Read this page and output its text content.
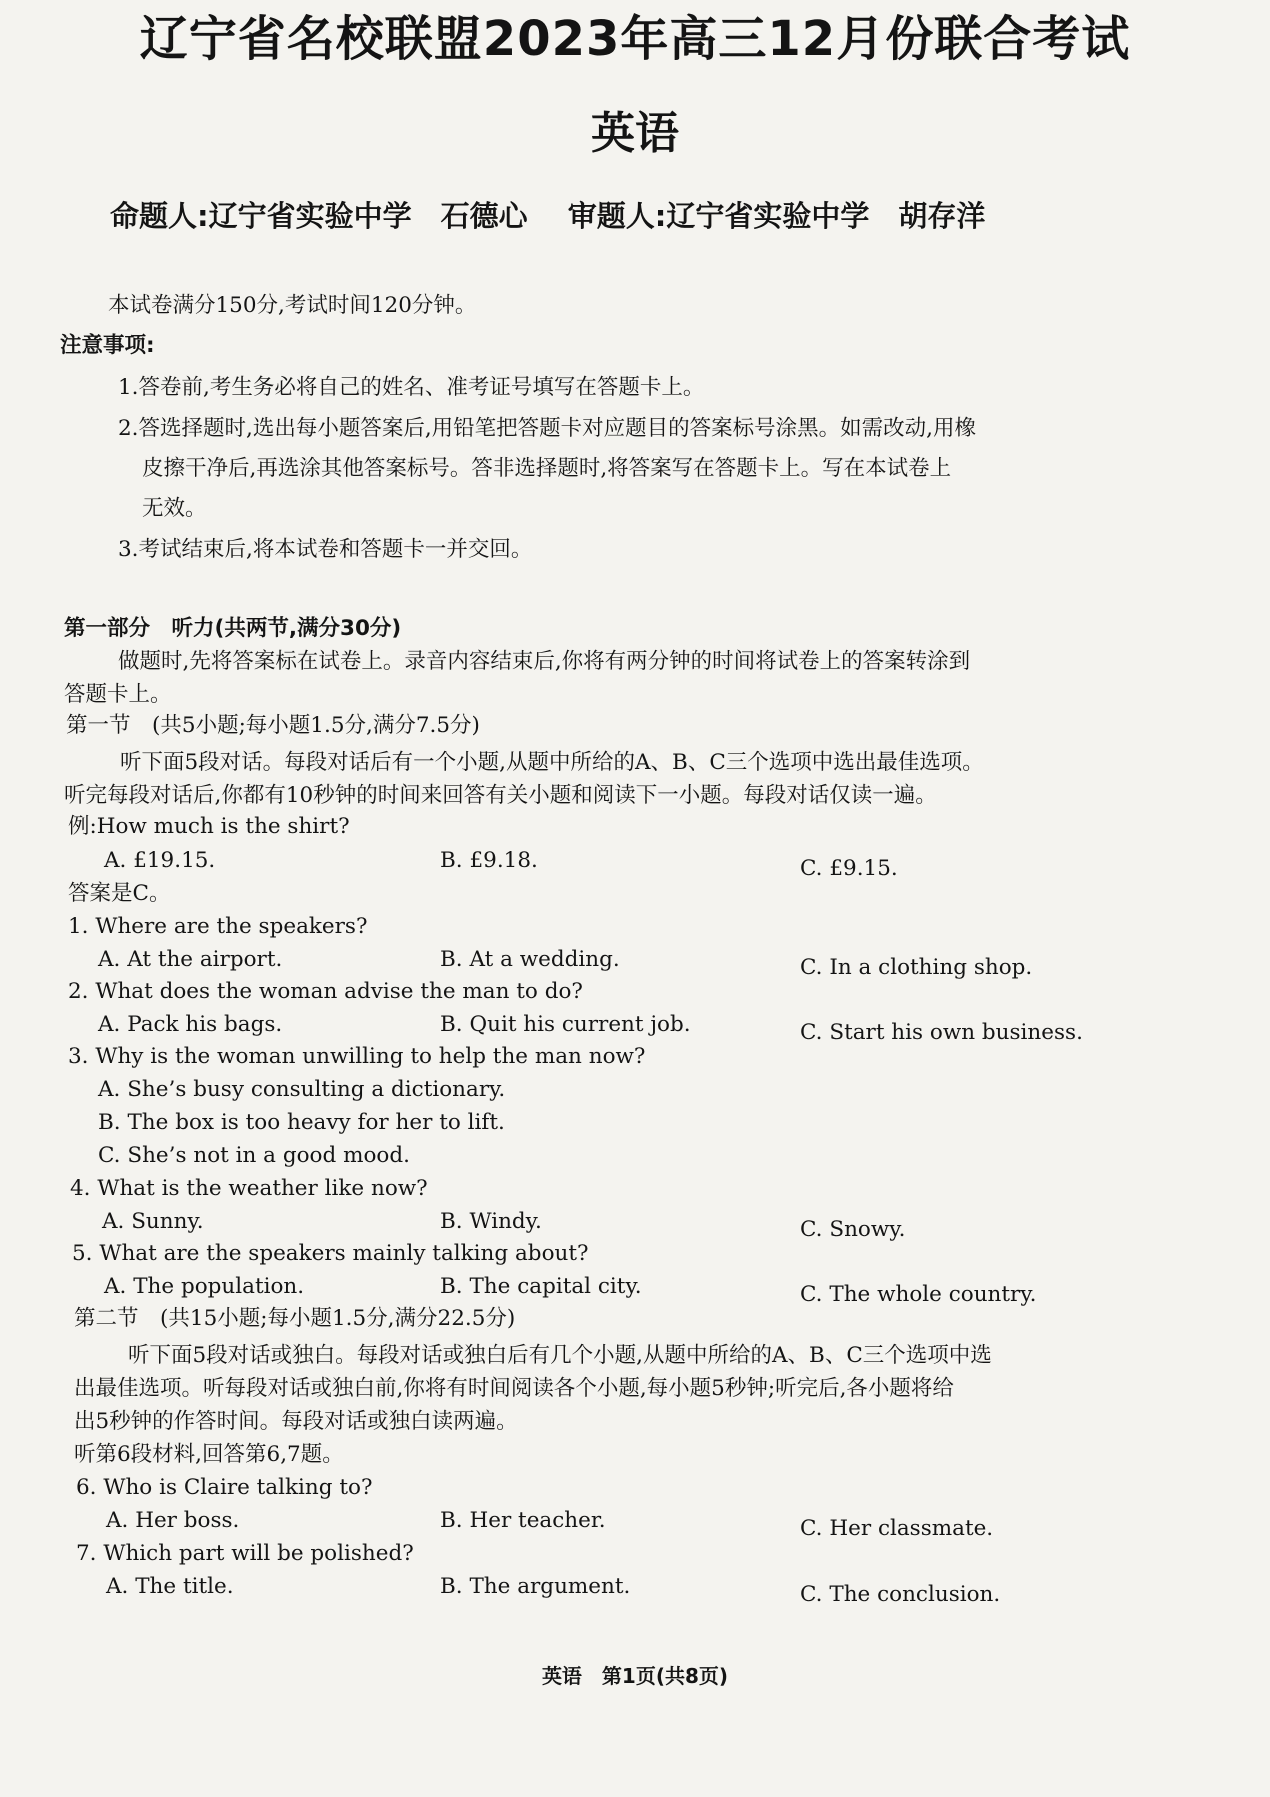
辽宁省名校联盟2023年高三12月份联合考试
英语
命题人:辽宁省实验中学　石德心 审题人:辽宁省实验中学　胡存洋
本试卷满分150分,考试时间120分钟。
注意事项:
1.答卷前,考生务必将自己的姓名、准考证号填写在答题卡上。
2.答选择题时,选出每小题答案后,用铅笔把答题卡对应题目的答案标号涂黑。如需改动,用橡
皮擦干净后,再选涂其他答案标号。答非选择题时,将答案写在答题卡上。写在本试卷上
无效。
3.考试结束后,将本试卷和答题卡一并交回。
第一部分　听力(共两节,满分30分)
做题时,先将答案标在试卷上。录音内容结束后,你将有两分钟的时间将试卷上的答案转涂到
答题卡上。
第一节　(共5小题;每小题1.5分,满分7.5分)
听下面5段对话。每段对话后有一个小题,从题中所给的A、B、C三个选项中选出最佳选项。
听完每段对话后,你都有10秒钟的时间来回答有关小题和阅读下一小题。每段对话仅读一遍。
例:How much is the shirt?
A. £19.15.	B. £9.18.	C. £9.15.
答案是C。
1. Where are the speakers?
A. At the airport.	B. At a wedding.	C. In a clothing shop.
2. What does the woman advise the man to do?
A. Pack his bags.	B. Quit his current job.	C. Start his own business.
3. Why is the woman unwilling to help the man now?
A. She’s busy consulting a dictionary.
B. The box is too heavy for her to lift.
C. She’s not in a good mood.
4. What is the weather like now?
A. Sunny.	B. Windy.	C. Snowy.
5. What are the speakers mainly talking about?
A. The population.	B. The capital city.	C. The whole country.
第二节　(共15小题;每小题1.5分,满分22.5分)
听下面5段对话或独白。每段对话或独白后有几个小题,从题中所给的A、B、C三个选项中选
出最佳选项。听每段对话或独白前,你将有时间阅读各个小题,每小题5秒钟;听完后,各小题将给
出5秒钟的作答时间。每段对话或独白读两遍。
听第6段材料,回答第6,7题。
6. Who is Claire talking to?
A. Her boss.	B. Her teacher.	C. Her classmate.
7. Which part will be polished?
A. The title.	B. The argument.	C. The conclusion.
英语　第1页(共8页)
